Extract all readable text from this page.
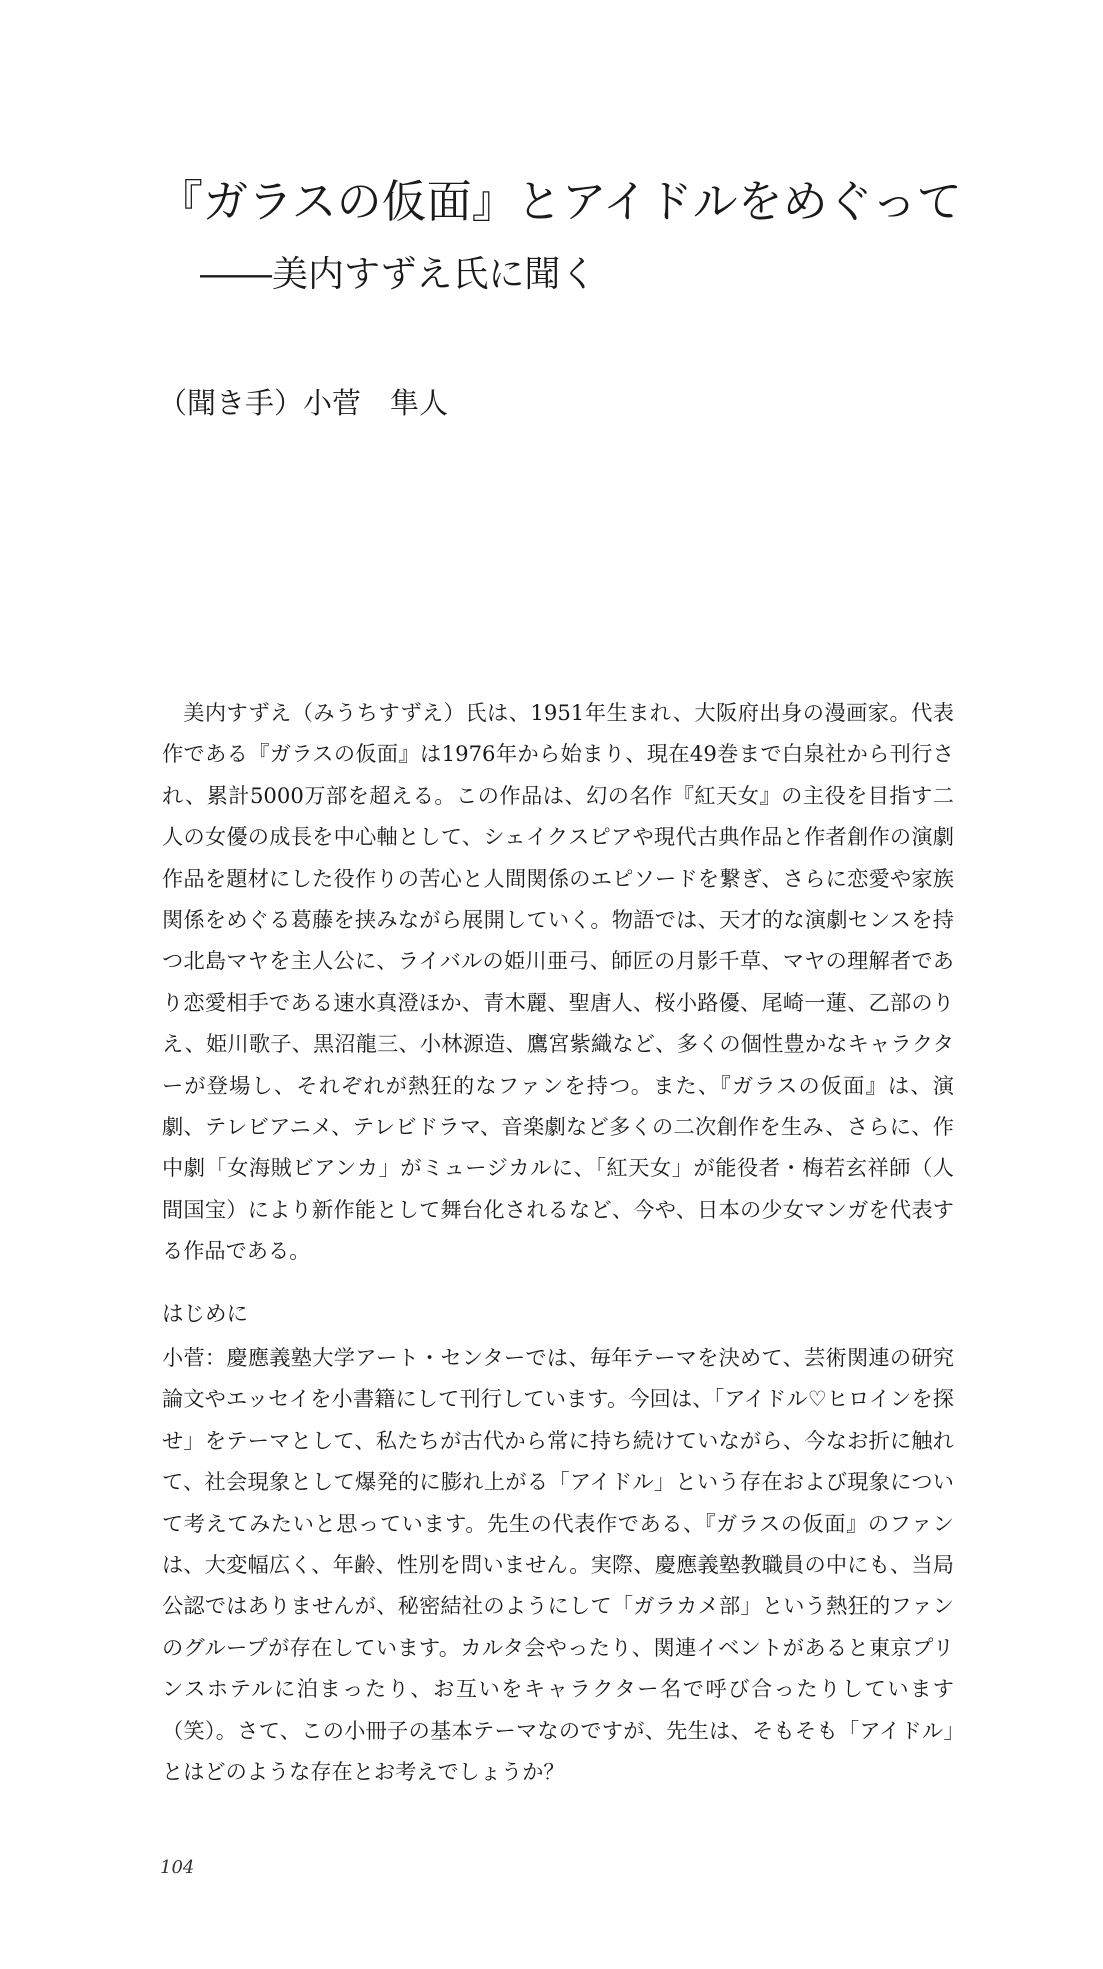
『ガラスの仮面』とアイドルをめぐって
――美内すずえ氏に聞く

（聞き手）小菅　隼人

美内すずえ（みうちすずえ）氏は、1951年生まれ、大阪府出身の漫画家。代表作である『ガラスの仮面』は1976年から始まり、現在49巻まで白泉社から刊行され、累計5000万部を超える。この作品は、幻の名作『紅天女』の主役を目指す二人の女優の成長を中心軸として、シェイクスピアや現代古典作品と作者創作の演劇作品を題材にした役作りの苦心と人間関係のエピソードを繋ぎ、さらに恋愛や家族関係をめぐる葛藤を挟みながら展開していく。物語では、天才的な演劇センスを持つ北島マヤを主人公に、ライバルの姫川亜弓、師匠の月影千草、マヤの理解者であり恋愛相手である速水真澄ほか、青木麗、聖唐人、桜小路優、尾崎一蓮、乙部のりえ、姫川歌子、黒沼龍三、小林源造、鷹宮紫織など、多くの個性豊かなキャラクターが登場し、それぞれが熱狂的なファンを持つ。また、『ガラスの仮面』は、演劇、テレビアニメ、テレビドラマ、音楽劇など多くの二次創作を生み、さらに、作中劇「女海賊ビアンカ」がミュージカルに、「紅天女」が能役者・梅若玄祥師（人間国宝）により新作能として舞台化されるなど、今や、日本の少女マンガを代表する作品である。

はじめに

小菅：慶應義塾大学アート・センターでは、毎年テーマを決めて、芸術関連の研究論文やエッセイを小書籍にして刊行しています。今回は、「アイドル♡ヒロインを探せ」をテーマとして、私たちが古代から常に持ち続けていながら、今なお折に触れて、社会現象として爆発的に膨れ上がる「アイドル」という存在および現象について考えてみたいと思っています。先生の代表作である、『ガラスの仮面』のファンは、大変幅広く、年齢、性別を問いません。実際、慶應義塾教職員の中にも、当局公認ではありませんが、秘密結社のようにして「ガラカメ部」という熱狂的ファンのグループが存在しています。カルタ会やったり、関連イベントがあると東京プリンスホテルに泊まったり、お互いをキャラクター名で呼び合ったりしています（笑）。さて、この小冊子の基本テーマなのですが、先生は、そもそも「アイドル」とはどのような存在とお考えでしょうか？

104
